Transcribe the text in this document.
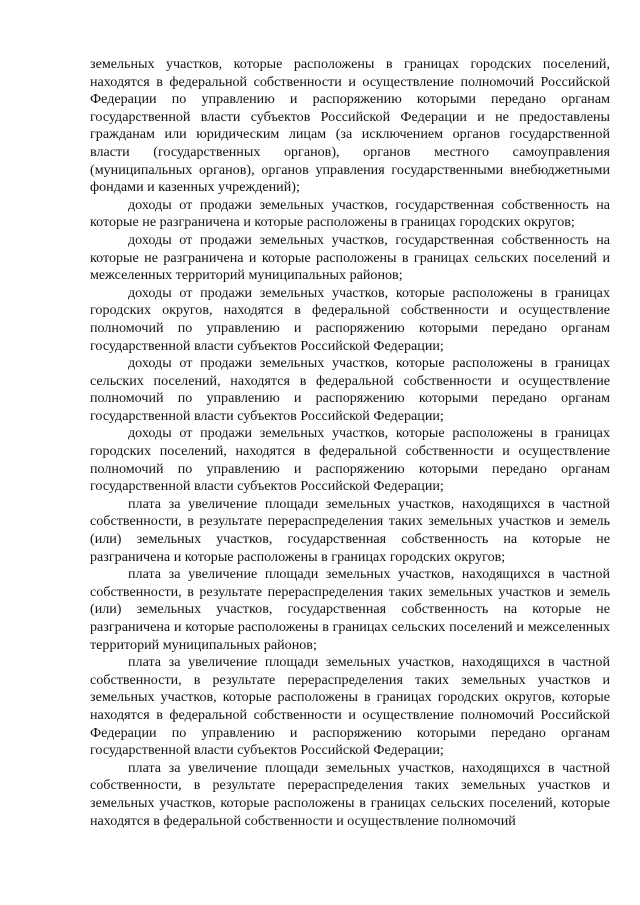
земельных участков, которые расположены в границах городских поселений, находятся в федеральной собственности и осуществление полномочий Российской Федерации по управлению и распоряжению которыми передано органам государственной власти субъектов Российской Федерации и не предоставлены гражданам или юридическим лицам (за исключением органов государственной власти (государственных органов), органов местного самоуправления (муниципальных органов), органов управления государственными внебюджетными фондами и казенных учреждений);

доходы от продажи земельных участков, государственная собственность на которые не разграничена и которые расположены в границах городских округов;

доходы от продажи земельных участков, государственная собственность на которые не разграничена и которые расположены в границах сельских поселений и межселенных территорий муниципальных районов;

доходы от продажи земельных участков, которые расположены в границах городских округов, находятся в федеральной собственности и осуществление полномочий по управлению и распоряжению которыми передано органам государственной власти субъектов Российской Федерации;

доходы от продажи земельных участков, которые расположены в границах сельских поселений, находятся в федеральной собственности и осуществление полномочий по управлению и распоряжению которыми передано органам государственной власти субъектов Российской Федерации;

доходы от продажи земельных участков, которые расположены в границах городских поселений, находятся в федеральной собственности и осуществление полномочий по управлению и распоряжению которыми передано органам государственной власти субъектов Российской Федерации;

плата за увеличение площади земельных участков, находящихся в частной собственности, в результате перераспределения таких земельных участков и земель (или) земельных участков, государственная собственность на которые не разграничена и которые расположены в границах городских округов;

плата за увеличение площади земельных участков, находящихся в частной собственности, в результате перераспределения таких земельных участков и земель (или) земельных участков, государственная собственность на которые не разграничена и которые расположены в границах сельских поселений и межселенных территорий муниципальных районов;

плата за увеличение площади земельных участков, находящихся в частной собственности, в результате перераспределения таких земельных участков и земельных участков, которые расположены в границах городских округов, которые находятся в федеральной собственности и осуществление полномочий Российской Федерации по управлению и распоряжению которыми передано органам государственной власти субъектов Российской Федерации;

плата за увеличение площади земельных участков, находящихся в частной собственности, в результате перераспределения таких земельных участков и земельных участков, которые расположены в границах сельских поселений, которые находятся в федеральной собственности и осуществление полномочий
